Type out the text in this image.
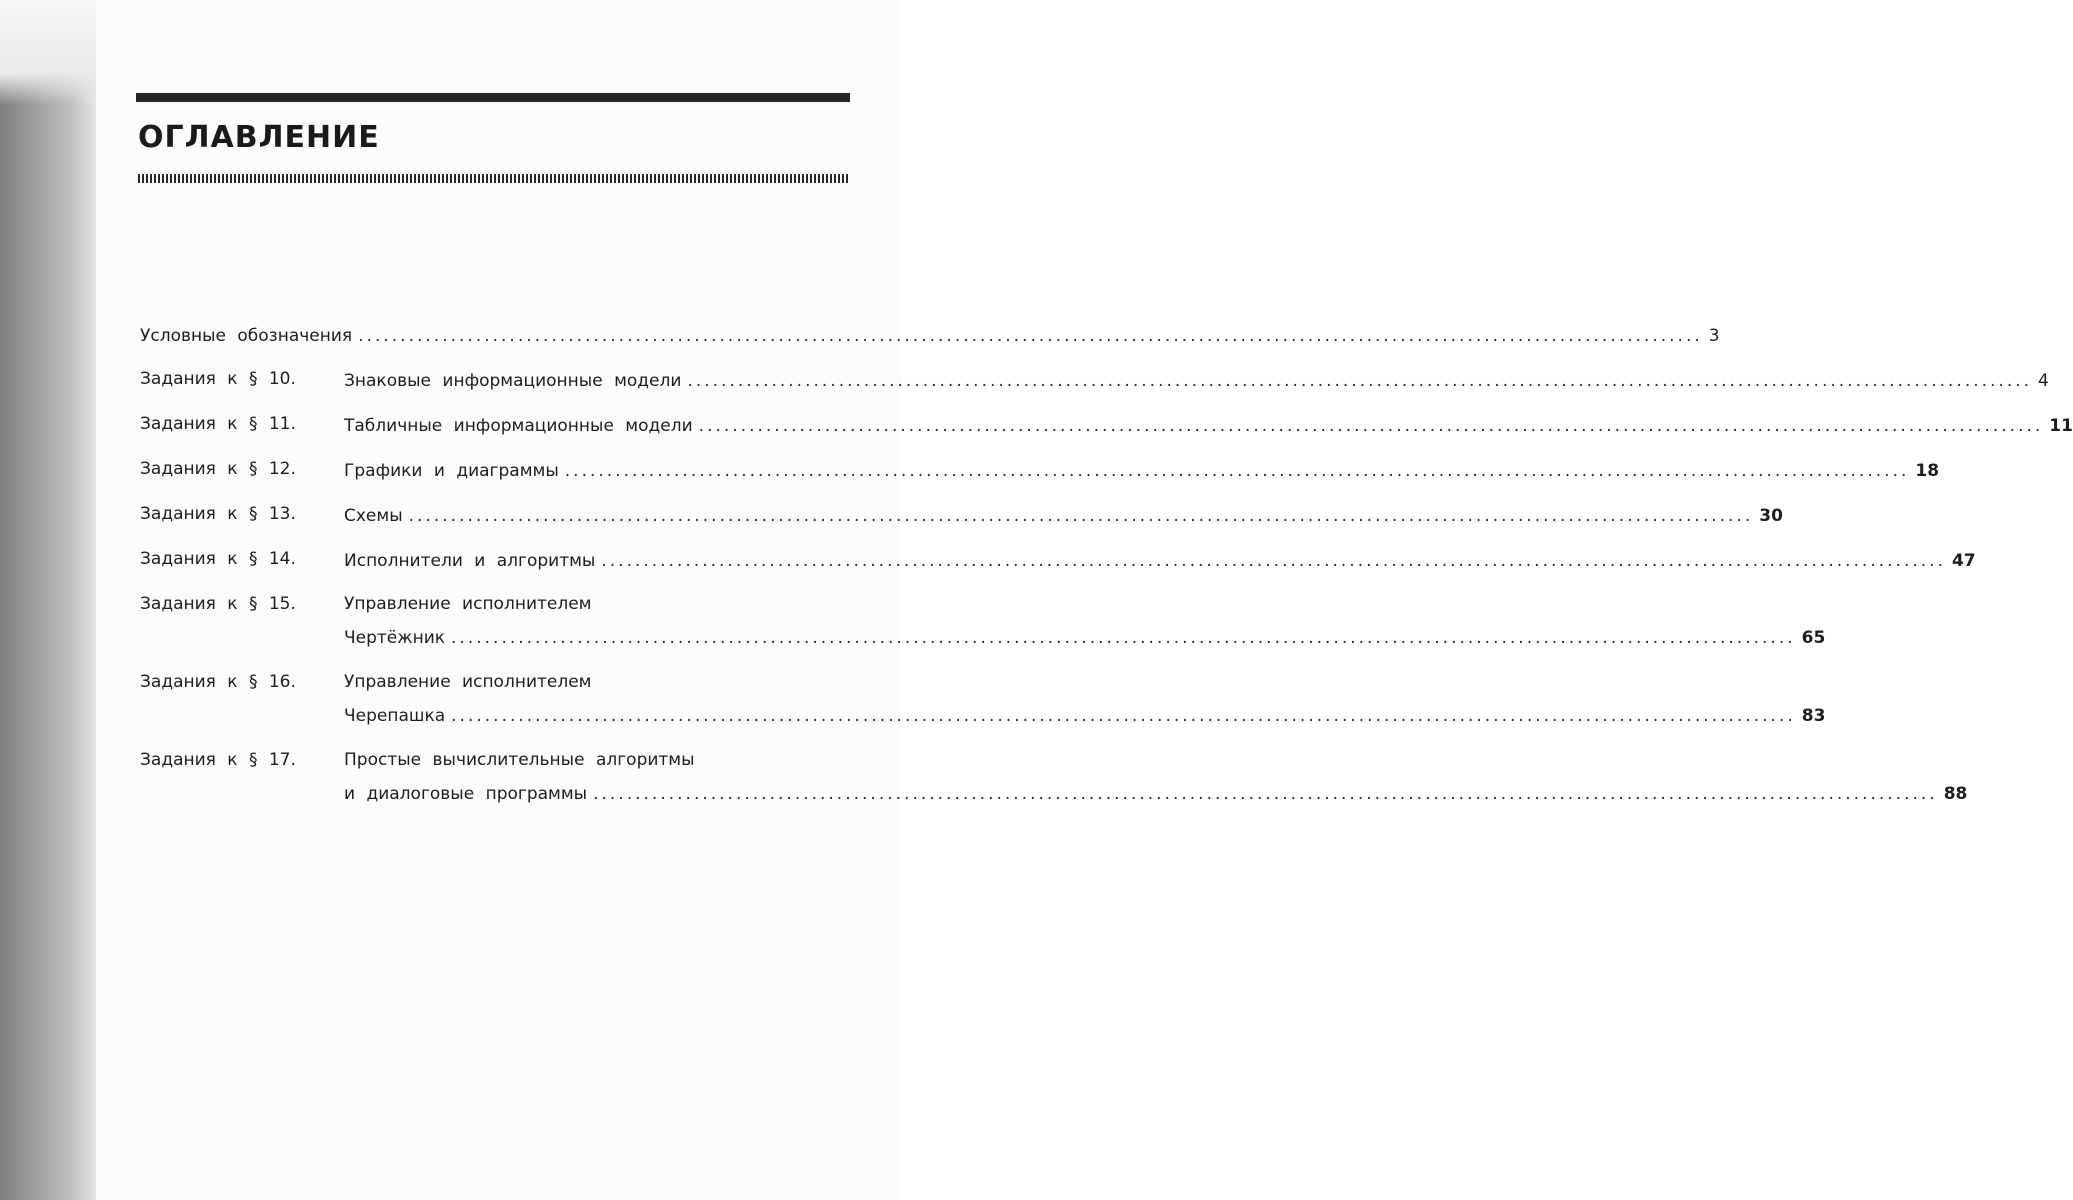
ОГЛАВЛЕНИЕ
Условные обозначения ................................................................................................................................................................ 3
Задания к § 10.	Знаковые информационные модели ................................................................................................................................................................ 4
Задания к § 11.	Табличные информационные модели ................................................................................................................................................................ 11
Задания к § 12.	Графики и диаграммы ................................................................................................................................................................ 18
Задания к § 13.	Схемы ................................................................................................................................................................ 30
Задания к § 14.	Исполнители и алгоритмы ................................................................................................................................................................ 47
Задания к § 15.	Управление исполнителем
Чертёжник ................................................................................................................................................................ 65
Задания к § 16.	Управление исполнителем
Черепашка ................................................................................................................................................................ 83
Задания к § 17.	Простые вычислительные алгоритмы
и диалоговые программы ................................................................................................................................................................ 88
